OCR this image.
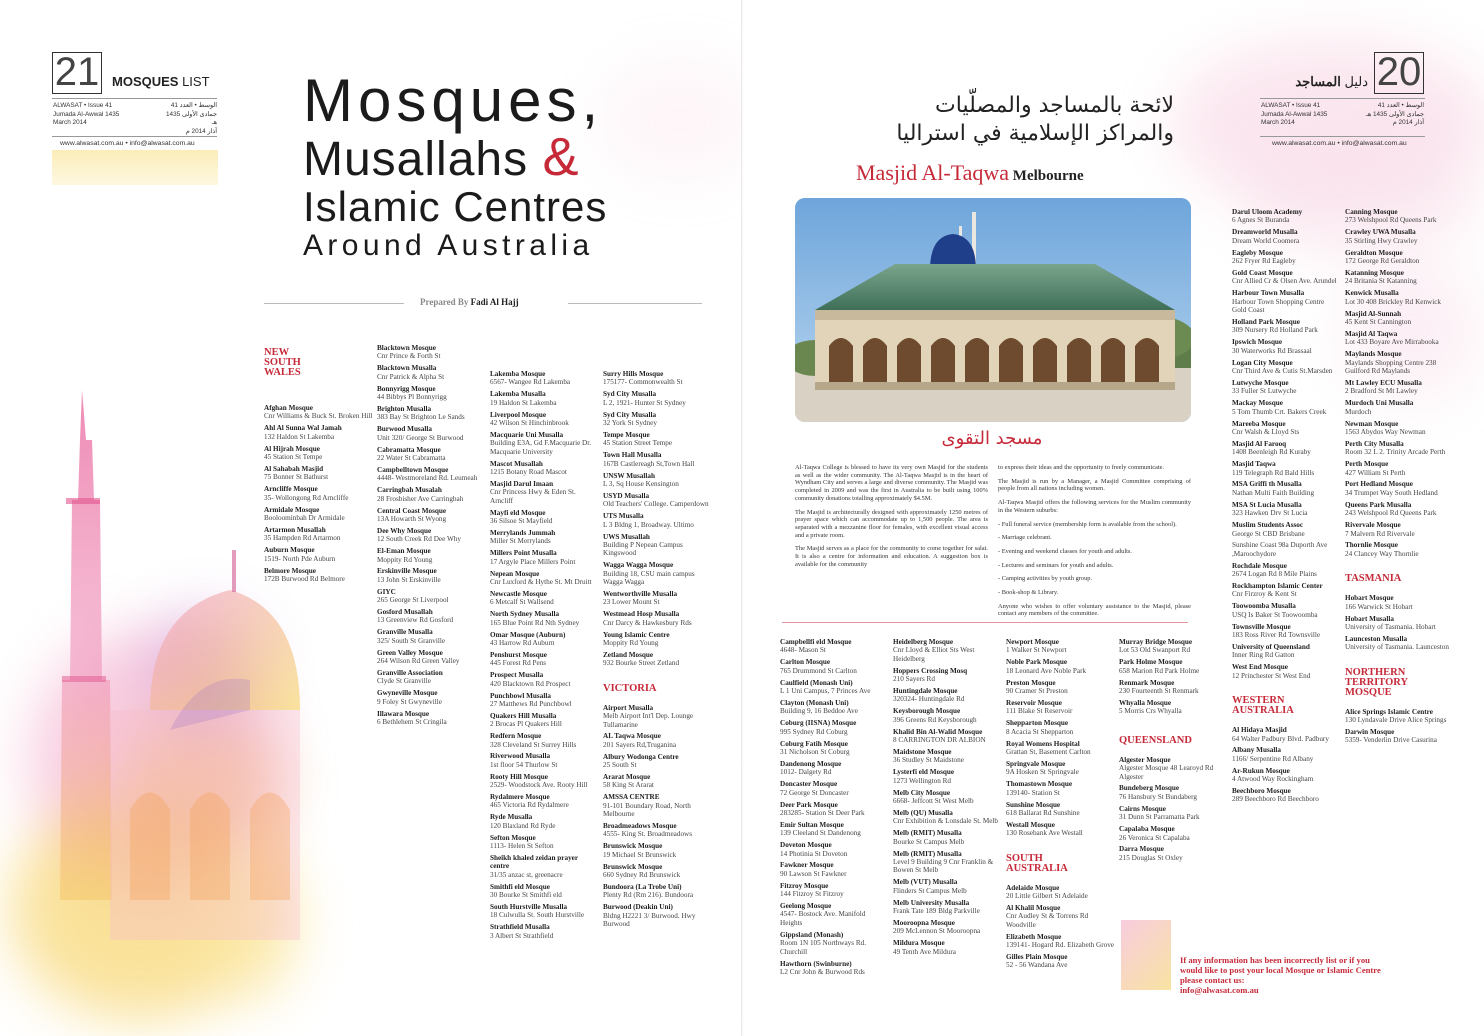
21 MOSQUES LIST
ALWASAT • Issue 41
Jumada Al-Awwal 1435
March 2014
الوسط • العدد 41
جمادى الأولى 1435 هـ
آذار 2014 م
www.alwasat.com.au • info@alwasat.com.au
Mosques,
Musallahs &
Islamic Centres
Around Australia
Prepared By Fadi Al Hajj
NEW SOUTH WALES
Afghan Mosque
Cnr Williams & Buck St. Broken Hill
Ahl Al Sunna Wal Jamah
132 Haldon St Lakemba
Al Hijrah Mosque
45 Station St Tempe
Al Sahabah Masjid
75 Bonner St Bathurst
Arncliffe Mosque
35- Wollongong Rd Arncliffe
Armidale Mosque
Booloominbah Dr Armidale
Artarmon Musallah
35 Hampden Rd Artarmon
Auburn Mosque
1519- North Pde Auburn
Belmore Mosque
172B Burwood Rd Belmore
Blacktown Mosque
Cnr Prince & Forth St
Blacktown Musalla
Cnr Patrick & Alpha St
Bonnyrigg Mosque
44 Bibbys Pl Bonnyrigg
Brighton Musalla
383 Bay St Brighton Le Sands
Burwood Musalla
Unit 320/ George St Burwood
Cabramatta Mosque
22 Water St Cabramatta
Campbelltown Mosque
4448- Westmoreland Rd. Leumeah
Carringbah Musalah
28 Frosbisher Ave Carringbah
Central Coast Mosque
13A Howarth St Wyong
Dee Why Mosque
12 South Creek Rd Dee Why
El-Eman Mosque
Moppity Rd Young
Erskinville Mosque
13 John St Erskinville
GIYC
265 George St Liverpool
Gosford Musallah
13 Greenview Rd Gosford
Granville Musalla
325/ South St Granville
Green Valley Mosque
264 Wilson Rd Green Valley
Granville Association
Clyde St Granville
Gwyneville Mosque
9 Foley St Gwyneville
Illawara Mosque
6 Bethlehem St Cringila
Lakemba Mosque
6567- Wangee Rd Lakemba
Lakemba Musalla
19 Haldon St Lakemba
Liverpool Mosque
42 Wilson St Hinchinbrook
Macquarie Uni Musalla
Building E3A, Gd F.Macquarie Dr. Macquarie University
Mascot Musallah
1215 Botany Road Mascot
Masjid Darul Imaan
Cnr Princess Hwy & Eden St. Arncliff
Mayfi eld Mosque
36 Silsoe St Mayfield
Merrylands Jummah
Miller St Merrylands
Millers Point Musalla
17 Argyle Place Millers Point
Nepean Mosque
Cnr Luxford & Hythe St. Mt Druitt
Newcastle Mosque
6 Metcalf St Wallsend
North Sydney Musalla
165 Blue Point Rd Nth Sydney
Omar Mosque (Auburn)
43 Harrow Rd Auburn
Penshurst Mosque
445 Forest Rd Pens
Prospect Musalla
420 Blacktown Rd Prospect
Punchbowl Musalla
27 Matthews Rd Punchbowl
Quakers Hill Musalla
2 Brocas Pl Quakers Hill
Redfern Mosque
328 Cleveland St Surrey Hills
Riverwood Musalla
1st floor 54 Thurlow St
Rooty Hill Mosque
2529- Woodstock Ave. Rooty Hill
Rydalmere Mosque
465 Victoria Rd Rydalmere
Ryde Musalla
120 Blaxland Rd Ryde
Sefton Mosque
1113- Helen St Sefton
Sheikh khaled zeidan prayer centre
31/35 anzac st, greenacre
Smithfi eld Mosque
30 Bourke St Smithfi eld
South Hurstville Musalla
18 Culwulla St. South Hurstville
Strathfield Musalla
3 Albert St Strathfield
Surry Hills Mosque
175177- Commonwealth St
Syd City Musalla
L 2, 1921- Hunter St Sydney
Syd City Musalla
32 York St Sydney
Tempe Mosque
45 Station Street Tempe
Town Hall Musalla
167B Castlereagh St,Town Hall
UNSW Musallah
L 3, Sq House Kensington
USYD Musalla
Old Teachers' College. Camperdown
UTS Musalla
L 3 Bldng 1, Broadway. Ultimo
UWS Musallah
Building P Nepean Campus Kingswood
Wagga Wagga Mosque
Building 18, CSU main campus Wagga Wagga
Wentworthville Musalla
23 Lower Mount St
Westmead Hosp Musalla
Cnr Darcy & Hawkesbury Rds
Young Islamic Centre
Moppity Rd Young
Zetland Mosque
932 Bourke Street Zetland
VICTORIA
Airport Musalla
Melb Airport Int'l Dep. Lounge Tullamarine
AL Taqwa Mosque
201 Sayers Rd,Truganina
Albury Wodonga Centre
25 South St
Ararat Mosque
58 King St Ararat
AMSSA CENTRE
91-101 Boundary Road, North Melbourne
Broadmeadows Mosque
4555- King St. Broadmeadows
Brunswick Mosque
19 Michael St Brunswick
Brunswick Mosque
660 Sydney Rd Brunswick
Bundoora (La Trobe Uni)
Plenty Rd (Rm 216). Bundoora
Burwood (Deakin Uni)
Bldng H2221 3/ Burwood. Hwy Burwood
20
دليل المساجد
ALWASAT • Issue 41
Jumada Al-Awwal 1435
March 2014
الوسط • العدد 41
جمادى الأولى 1435 هـ
آذار 2014 م
www.alwasat.com.au • info@alwasat.com.au
لائحة بالمساجد والمصلّيات
والمراكز الإسلامية في استراليا
Masjid Al-Taqwa Melbourne
مسجد التقوى

Al-Taqwa College is blessed to have its very own Masjid for the students as well as the wider community. The Al-Taqwa Masjid is in the heart of Wyndham City and serves a large and diverse community. The Masjid was completed in 2009 and was the first in Australia to be built using 100% community donations totalling approximately $4.5M.

The Masjid is architecturally designed with approximately 1250 metres of prayer space which can accommodate up to 1,500 people. The area is separated with a mezzanine floor for females, with excellent visual access and a private room.

The Masjid serves as a place for the community to come together for salat. It is also a centre for information and education. A suggestion box is available for the community

to express their ideas and the opportunity to freely communicate.

The Masjid is run by a Manager, a Masjid Committee comprising of people from all nations including women.

Al-Taqwa Masjid offers the following services for the Muslim community in the Western suburbs:

- Full funeral service (membership form is available from the school).

- Marriage celebrant.

- Evening and weekend classes for youth and adults.

- Lectures and seminars for youth and adults.

- Camping activities by youth group.

- Book-shop & Library.

Anyone who wishes to offer voluntary assistance to the Masjid, please contact any members of the committee.

Campbellfi eld Mosque
4648- Mason St
Carlton Mosque
765 Drummond St Carlton
Caulfield (Monash Uni)
L 1 Uni Campus, 7 Princes Ave
Clayton (Monash Uni)
Building 9, 16 Beddoe Ave
Coburg (IISNA) Mosque
995 Sydney Rd Coburg
Coburg Fatih Mosque
31 Nicholson St Coburg
Dandenong Mosque
1012- Dalgety Rd
Doncaster Mosque
72 George St Doncaster
Deer Park Mosque
283285- Station St Deer Park
Emir Sultan Mosque
139 Cleeland St Dandenong
Doveton Mosque
14 Photinia St Doveton
Fawkner Mosque
90 Lawson St Fawkner
Fitzroy Mosque
144 Fitzroy St Fitzroy
Geelong Mosque
4547- Bostock Ave. Manifold Heights
Gippsland (Monash)
Room 1N 105 Northways Rd. Churchill
Hawthorn (Swinburne)
L2 Cnr John & Burwood Rds
Heidelberg Mosque
Cnr Lloyd & Elliot Sts West Heidelberg
Hoppers Crossing Mosq
210 Sayers Rd
Huntingdale Mosque
320324- Huntingdale Rd
Keysborough Mosque
396 Greens Rd Keysborough
Khalid Bin Al-Walid Mosque
8 CARRINGTON DR ALBION
Maidstone Mosque
36 Studley St Maidstone
Lysterfi eld Mosque
1273 Wellington Rd
Melb City Mosque
6668- Jeffcott St West Melb
Melb (QU) Musalla
Cnr Exhibition & Lonsdale St. Melb
Melb (RMIT) Musalla
Bourke St Campus Melb
Melb (RMIT) Musalla
Level 9 Building 9 Cnr Franklin & Bowen St Melb
Melb (VUT) Musalla
Flinders St Campus Melb
Melb University Musalla
Frank Tate 189 Bldg Parkville
Mooroopna Mosque
209 McLennon St Mooroopna
Mildura Mosque
49 Tenth Ave Mildura
Newport Mosque
1 Walker St Newport
Noble Park Mosque
18 Leonard Ave Noble Park
Preston Mosque
90 Cramer St Preston
Reservoir Mosque
111 Blake St Reservoir
Shepparton Mosque
8 Acacia St Shepparton
Royal Womens Hospital
Grattan St, Basement Carlton
Springvale Mosque
9A Hosken St Springvale
Thomastown Mosque
139140- Station St
Sunshine Mosque
618 Ballarat Rd Sunshine
Westall Mosque
130 Rosebank Ave Westall
SOUTH AUSTRALIA
Adelaide Mosque
20 Little Gilbert St Adelaide
Al Khalil Mosque
Cnr Audley St & Torrens Rd Woodville
Elizabeth Mosque
139141- Hogard Rd. Elizabeth Grove
Gilles Plain Mosque
52 - 56 Wandana Ave
Murray Bridge Mosque
Lot 53 Old Swanport Rd
Park Holme Mosque
658 Marion Rd Park Holme
Renmark Mosque
230 Fourteenth St Renmark
Whyalla Mosque
5 Morris Crs Whyalla
QUEENSLAND
Algester Mosque
Algester Mosque 48 Learoyd Rd Algester
Bundeberg Mosque
76 Hansbury St Bundaberg
Cairns Mosque
31 Dunn St Parramatta Park
Capalaba Mosque
26 Veronica St Capalaba
Darra Mosque
215 Douglas St Oxley
Darul Uloom Academy
6 Agnes St Buranda
Dreamworld Musalla
Dream World Coomera
Eagleby Mosque
262 Fryer Rd Eagleby
Gold Coast Mosque
Cnr Allied Cr & Olsen Ave. Arundel
Harbour Town Musalla
Harbour Town Shopping Centre Gold Coast
Holland Park Mosque
309 Nursery Rd Holland Park
Ipswich Mosque
30 Waterworks Rd Brassaal
Logan City Mosque
Cnr Third Ave & Cutis St.Marsden
Lutwyche Mosque
33 Fuller St Lutwyche
Mackay Mosque
5 Tom Thumb Crt. Bakers Creek
Mareeba Mosque
Cnr Walsh & Lloyd Sts
Masjid Al Farooq
1408 Beenleigh Rd Kuraby
Masjid Taqwa
119 Telegraph Rd Bald Hills
MSA Griffi th Musalla
Nathan Multi Faith Building
MSA St Lucia Musalla
323 Hawken Drv St Lucia
Muslim Students Assoc
George St CBD Brisbane
Sunshine Coast 98a Duporth Ave ,Maroochydore
Rochdale Mosque
2674 Logan Rd 8 Mile Plains
Rockhampton Islamic Center
Cnr Firzroy & Kent St
Toowoomba Musalla
USQ Is Baker St Toowoomba
Townsville Mosque
183 Ross River Rd Townsville
University of Queensland
Inner Ring Rd Gatton
West End Mosque
12 Princhester St West End
WESTERN AUSTRALIA
Al Hidaya Masjid
64 Walter Padbury Blvd. Padbury
Albany Musalla
1166/ Serpentine Rd Albany
Ar-Rukun Mosque
4 Atwood Way Rockingham
Beechboro Mosque
289 Beechboro Rd Beechboro
Canning Mosque
273 Welshpool Rd Queens Park
Crawley UWA Musalla
35 Stirling Hwy Crawley
Geraldton Mosque
172 George Rd Geraldton
Katanning Mosque
24 Britania St Katanning
Kenwick Musalla
Lot 30 408 Brickley Rd Kenwick
Masjid Al-Sunnah
45 Kent St Cannington
Masjid Al Taqwa
Lot 433 Boyare Ave Mirrabooka
Maylands Mosque
Maylands Shopping Centre 238 Guilford Rd Maylands
Mt Lawley ECU Musalla
2 Bradford St Mt Lawley
Murdoch Uni Musalla
Murdoch
Newman Mosque
1563 Abydos Way Newman
Perth City Musalla
Room 32 L 2. Trinity Arcade Perth
Perth Mosque
427 William St Perth
Port Hedland Mosque
34 Trumpet Way South Hedland
Queens Park Musalla
243 Welshpool Rd Queens Park
Rivervale Mosque
7 Malvern Rd Rivervale
Thornlie Mosque
24 Clancey Way Thornlie
TASMANIA
Hobart Mosque
166 Warwick St Hobart
Hobart Musalla
University of Tasmania. Hobart
Launceston Musalla
University of Tasmania. Launceston
NORTHERN TERRITORY MOSQUE
Alice Springs Islamic Centre
130 Lyndavale Drive Alice Springs
Darwin Mosque
5359- Venderlin Drive Casurina
If any information has been incorrectly list or if you
would like to post your local Mosque or Islamic Centre
please contact us:
info@alwasat.com.au
